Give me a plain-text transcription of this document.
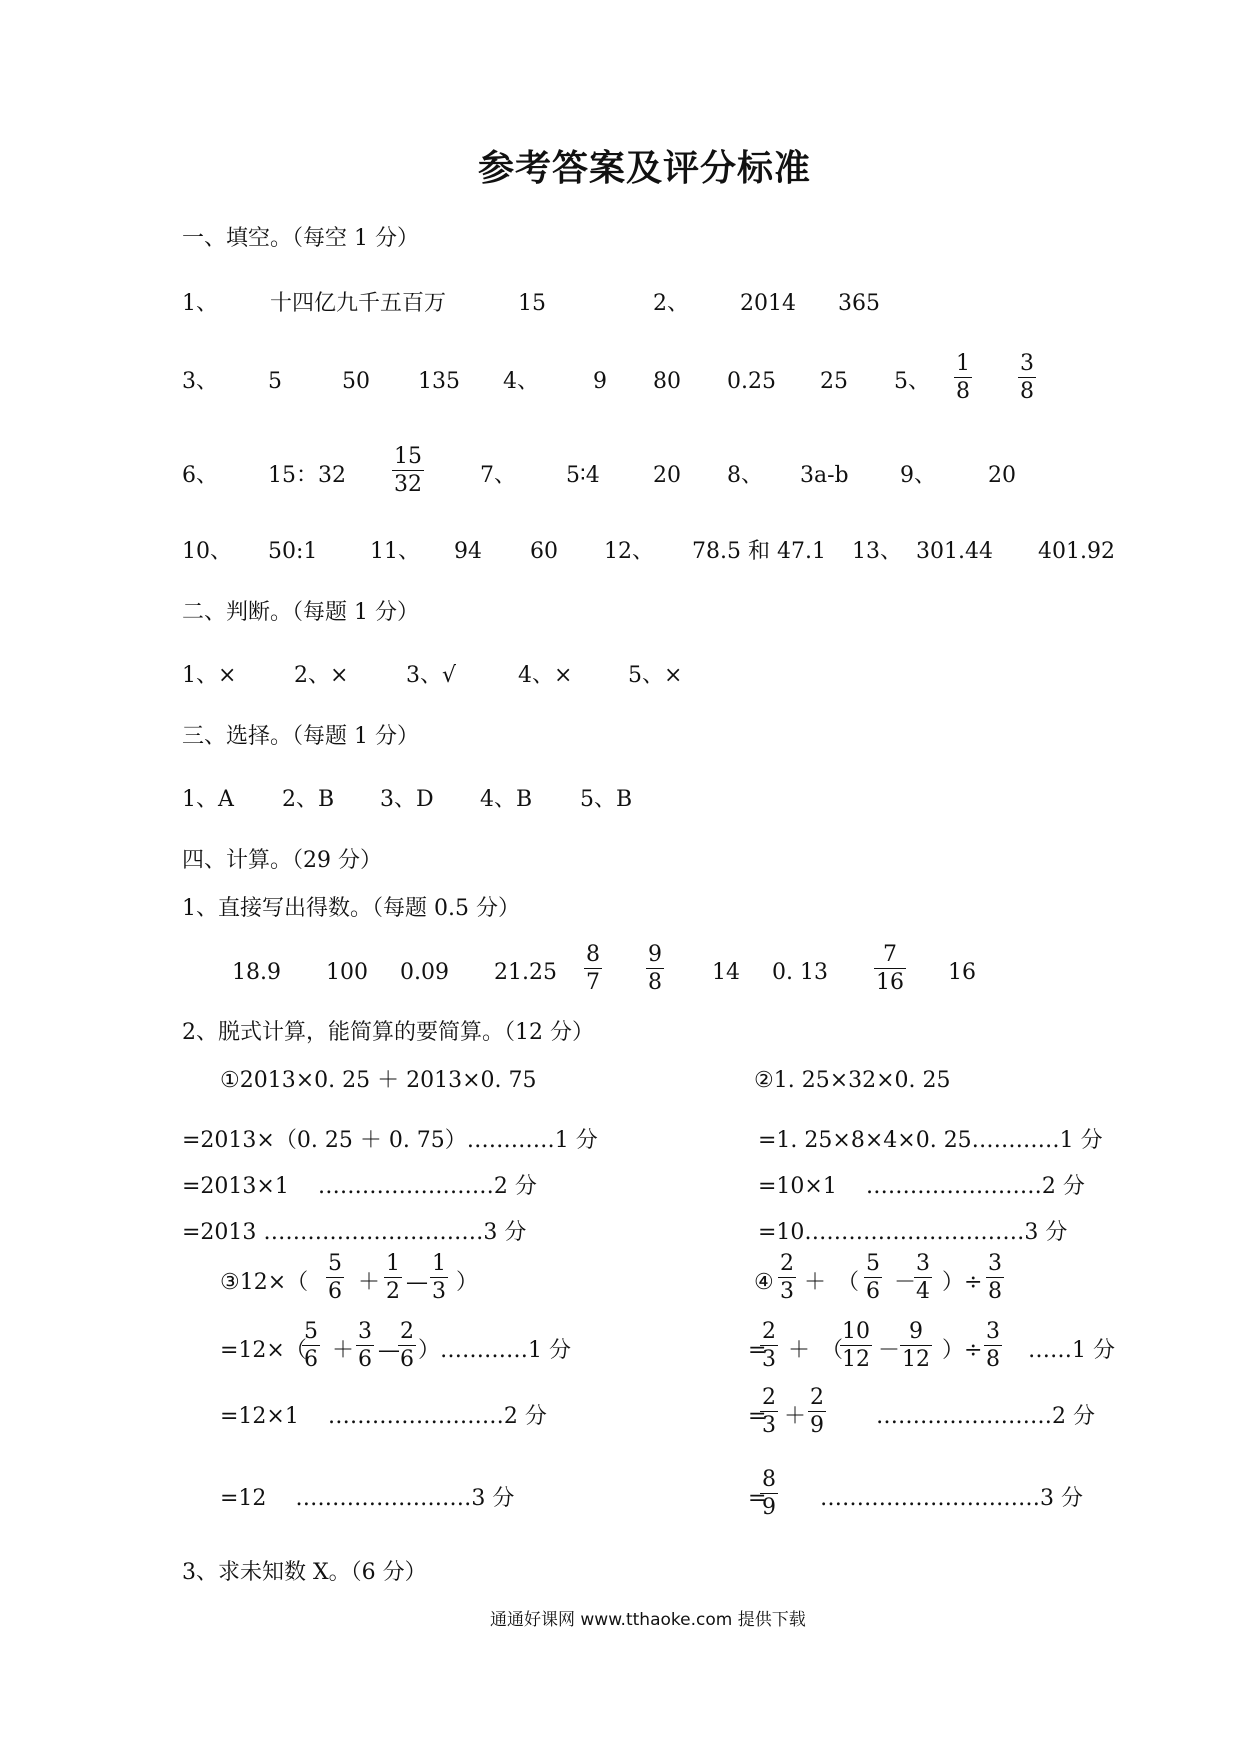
参考答案及评分标准
一、填空。（每空 1 分）
1、 十四亿九千五百万	15	2、 2014 365
3、 5	50 135 4、 9 80 0.25 25 5、
1
8
3
8
6、 15：32
15
32	7、 5∶4 20 8、 3a-b 9、 20
10、 50:1 11、 94 60 12、 78.5 和 47.1 13、 301.44 401.92
二、判断。（每题 1 分）
1、×	2、×	3、√	4、×	5、×
三、选择。（每题 1 分）
1、A 2、B 3、D 4、B 5、B
四、计算。（29 分）
1、直接写出得数。（每题 0.5 分）
18.9 100 0.09 21.25
8
7
9
8 14 0. 13
7
16 16
2、脱式计算，能简算的要简算。（12 分）
①2013×0. 25 ＋ 2013×0. 75	②1. 25×32×0. 25
=2013×（0. 25 ＋ 0. 75）…………1 分
=2013×1　 ……………………2 分
=2013 …………………………3 分
=1. 25×8×4×0. 25…………1 分
=10×1　 ……………………2 分
=10…………………………3 分
③12×（
5
6 ＋
1
2 —
1
3 ）
=12×（
5
6 ＋
3
6 —
2
6 ）…………1 分
=12×1　 ……………………2 分
=12 　……………………3 分
④
2
3 ＋　（
5
6 －
3
4 ）÷
3
8
=
2
3 ＋　（
10
12 －
9
12 ）÷
3
8 ……1 分
=
2
3 ＋
2
9 ……………………2 分
=
8
9 …………………………3 分
3、求未知数 X。（6 分）
通通好课网 www.tthaoke.com 提供下载
